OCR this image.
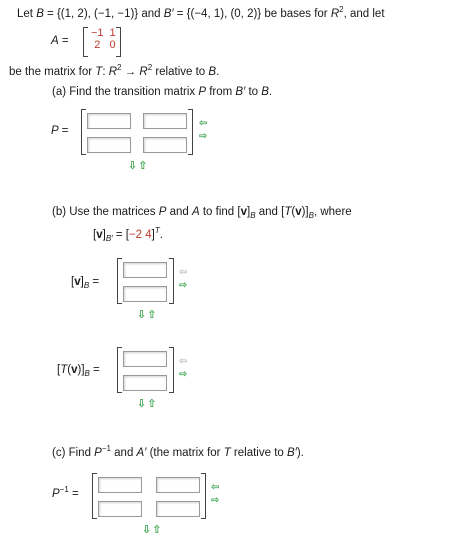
Let B = {(1, 2), (−1, −1)} and B′ = {(−4, 1), (0, 2)} be bases for $R^2$, and let
A =
−1	1
2	0
be the matrix for T: $R^2 \to R^2$ relative to B.
(a) Find the transition matrix P from B′ to B.
P =
⇦
⇨
⇩⇧
(b) Use the matrices P and A to find $[v]_B$ and $[T(v)]_B$, where
$[v]_{B'} = [-2$ 4]$^T$.
$[v]_B$ =
⇦
⇨
⇩⇧
$[T(v)]_B$ =
⇦
⇨
⇩⇧
(c) Find $P^{-1}$ and A′ (the matrix for T relative to B′).
$P^{-1}$ =
⇦
⇨
⇩⇧
